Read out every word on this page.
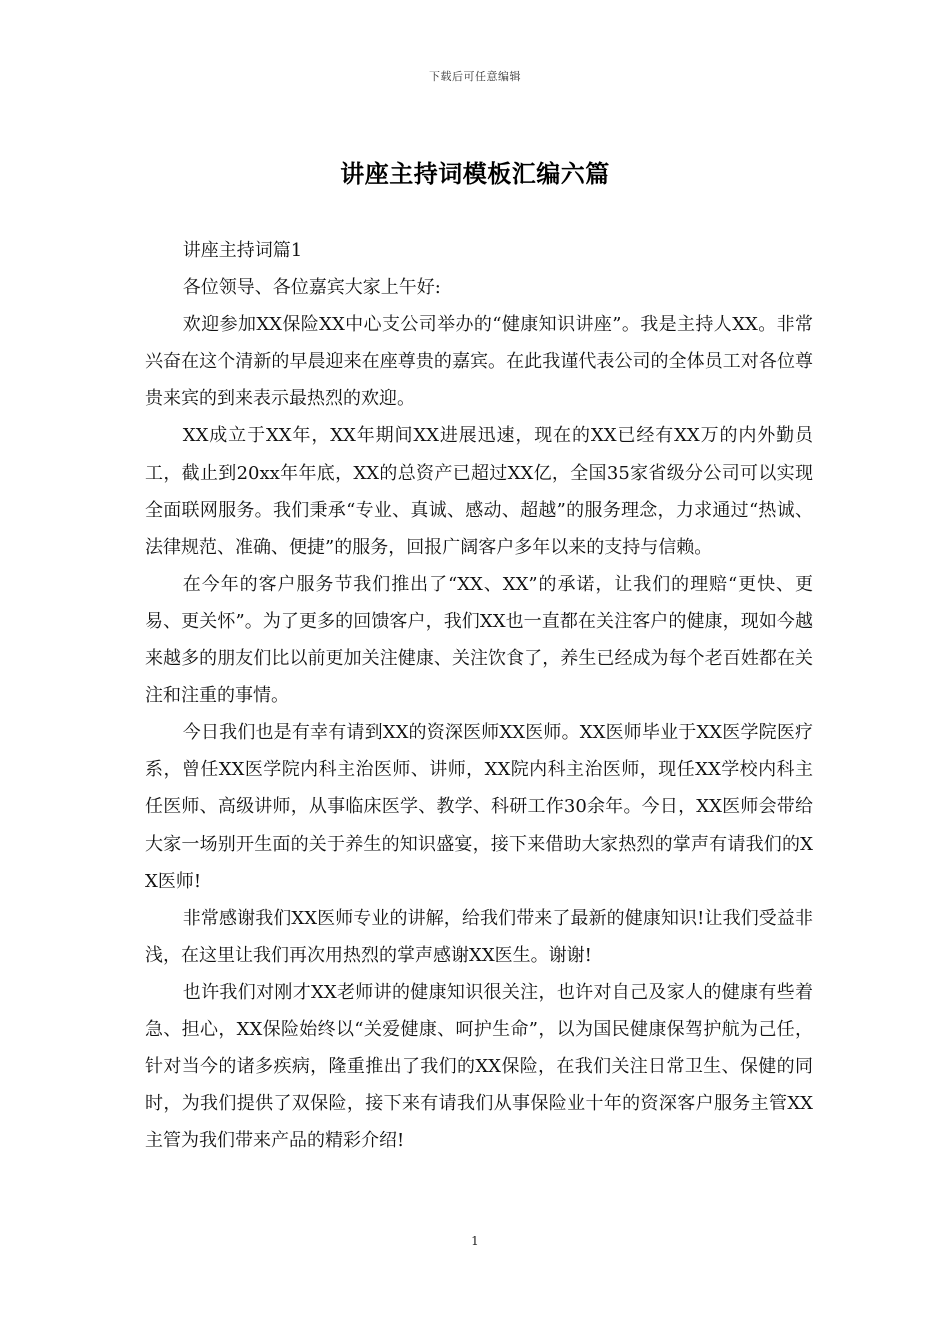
下载后可任意编辑
讲座主持词模板汇编六篇

讲座主持词篇1

各位领导、各位嘉宾大家上午好:

欢迎参加XX保险XX中心支公司举办的“健康知识讲座”。我是主持人XX。非常兴奋在这个清新的早晨迎来在座尊贵的嘉宾。在此我谨代表公司的全体员工对各位尊贵来宾的到来表示最热烈的欢迎。

XX成立于XX年，XX年期间XX进展迅速，现在的XX已经有XX万的内外勤员工，截止到20xx年年底，XX的总资产已超过XX亿，全国35家省级分公司可以实现全面联网服务。我们秉承“专业、真诚、感动、超越”的服务理念，力求通过“热诚、法律规范、准确、便捷”的服务，回报广阔客户多年以来的支持与信赖。

在今年的客户服务节我们推出了“XX、XX”的承诺，让我们的理赔“更快、更易、更关怀”。为了更多的回馈客户，我们XX也一直都在关注客户的健康，现如今越来越多的朋友们比以前更加关注健康、关注饮食了，养生已经成为每个老百姓都在关注和注重的事情。

今日我们也是有幸有请到XX的资深医师XX医师。XX医师毕业于XX医学院医疗系，曾任XX医学院内科主治医师、讲师，XX院内科主治医师，现任XX学校内科主任医师、高级讲师，从事临床医学、教学、科研工作30余年。今日，XX医师会带给大家一场别开生面的关于养生的知识盛宴，接下来借助大家热烈的掌声有请我们的XX医师!

非常感谢我们XX医师专业的讲解，给我们带来了最新的健康知识!让我们受益非浅，在这里让我们再次用热烈的掌声感谢XX医生。谢谢!

也许我们对刚才XX老师讲的健康知识很关注，也许对自己及家人的健康有些着急、担心，XX保险始终以“关爱健康、呵护生命”，以为国民健康保驾护航为己任，针对当今的诸多疾病，隆重推出了我们的XX保险，在我们关注日常卫生、保健的同时，为我们提供了双保险，接下来有请我们从事保险业十年的资深客户服务主管XX主管为我们带来产品的精彩介绍!

1
